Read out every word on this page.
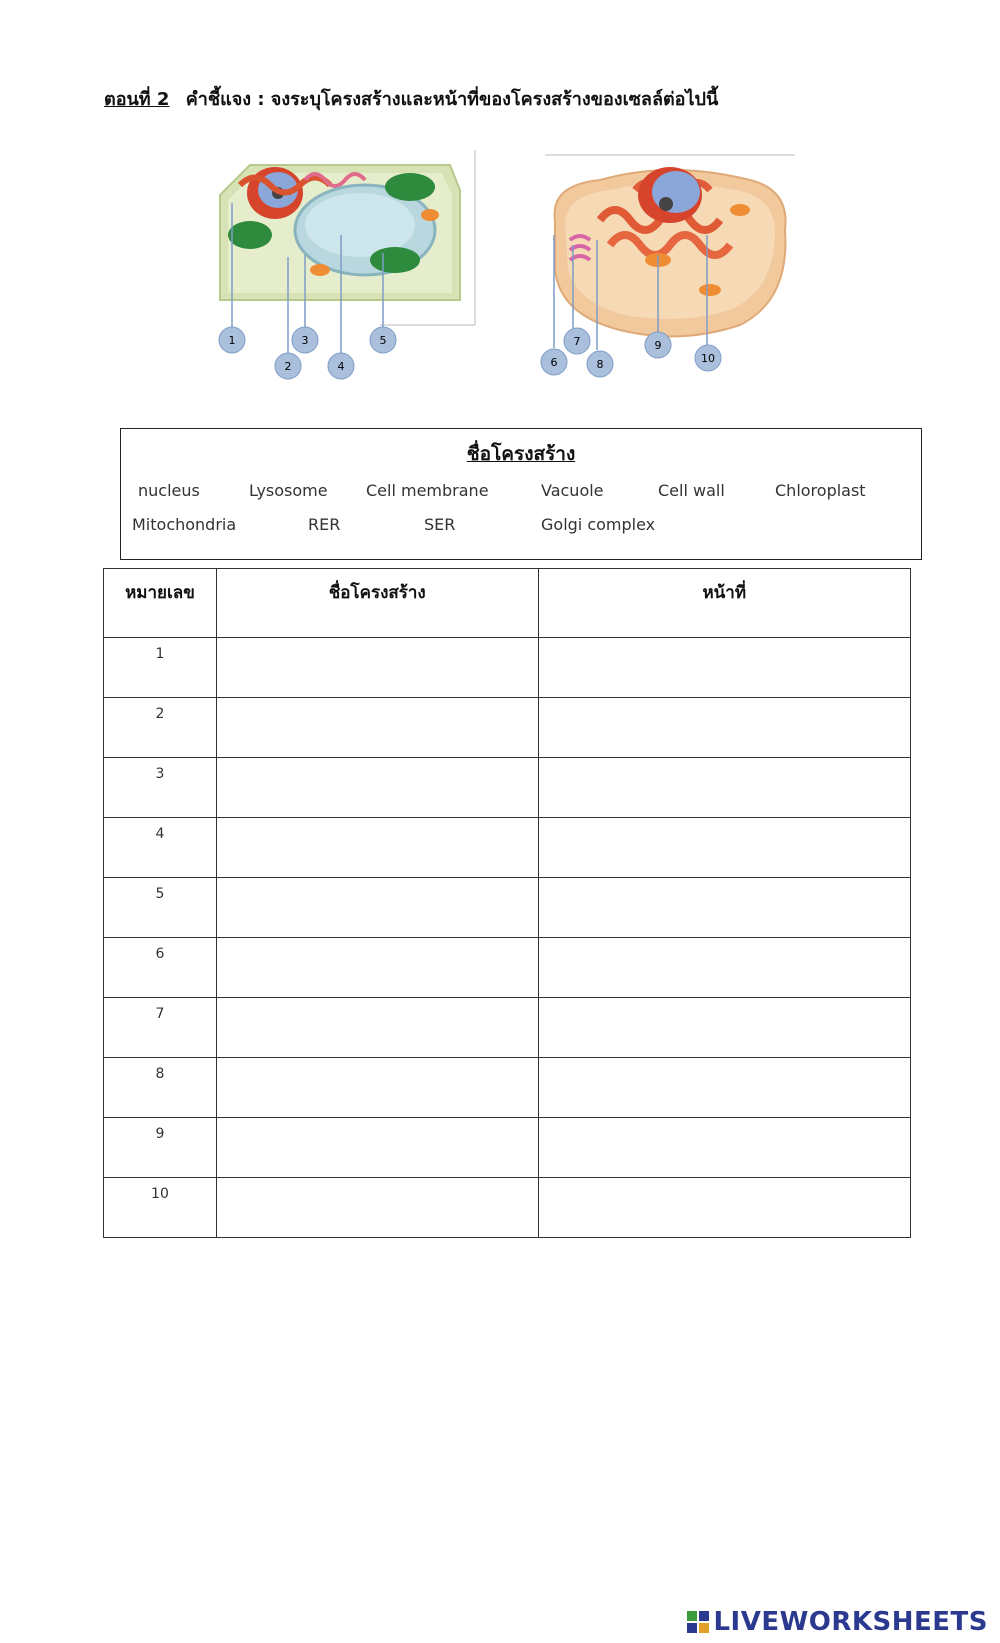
ตอนที่ 2 คำชี้แจง : จงระบุโครงสร้างและหน้าที่ของโครงสร้างของเซลล์ต่อไปนี้
1
2
3
4
5
6
7
8
9
10
ชื่อโครงสร้าง
nucleus	Lysosome Cell membrane	Vacuole	Cell wall	Chloroplast
Mitochondria	RER	SER	Golgi complex
หมายเลข	ชื่อโครงสร้าง	หน้าที่
1		
2		
3		
4		
5		
6		
7		
8		
9		
10		
LIVEWORKSHEETS
